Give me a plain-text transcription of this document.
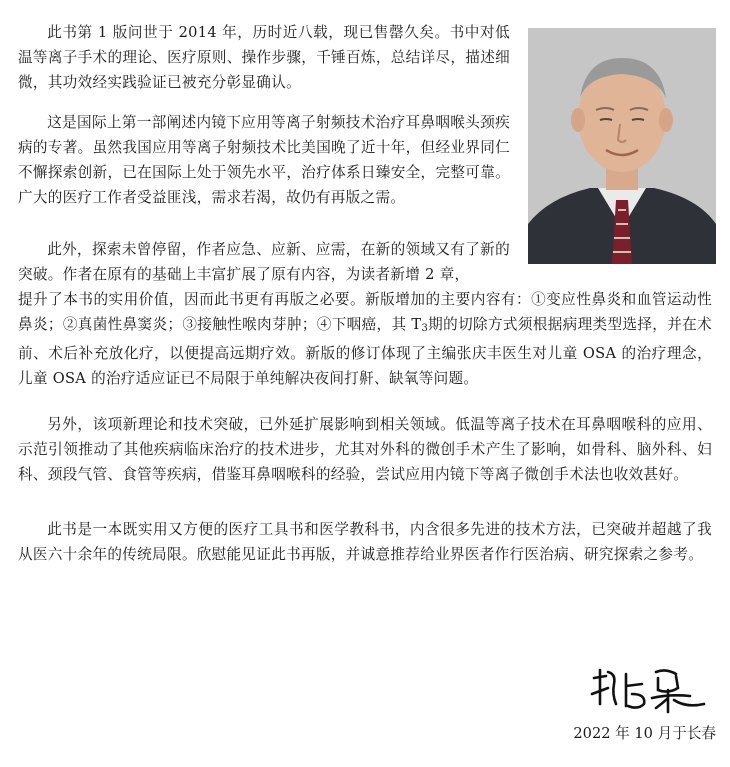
此书第 1 版问世于 2014 年，历时近八载，现已售罄久矣。书中对低温等离子手术的理论、医疗原则、操作步骤，千锤百炼，总结详尽，描述细微，其功效经实践验证已被充分彰显确认。

这是国际上第一部阐述内镜下应用等离子射频技术治疗耳鼻咽喉头颈疾病的专著。虽然我国应用等离子射频技术比美国晚了近十年，但经业界同仁不懈探索创新，已在国际上处于领先水平，治疗体系日臻安全，完整可靠。广大的医疗工作者受益匪浅，需求若渴，故仍有再版之需。

此外，探索未曾停留，作者应急、应新、应需，在新的领域又有了新的突破。作者在原有的基础上丰富扩展了原有内容，为读者新增 2 章，

提升了本书的实用价值，因而此书更有再版之必要。新版增加的主要内容有：①变应性鼻炎和血管运动性鼻炎；②真菌性鼻窦炎；③接触性喉肉芽肿；④下咽癌，其 $T_3$期的切除方式须根据病理类型选择，并在术前、术后补充放化疗，以便提高远期疗效。新版的修订体现了主编张庆丰医生对儿童 OSA 的治疗理念，儿童 OSA 的治疗适应证已不局限于单纯解决夜间打鼾、缺氧等问题。

另外，该项新理论和技术突破，已外延扩展影响到相关领域。低温等离子技术在耳鼻咽喉科的应用、示范引领推动了其他疾病临床治疗的技术进步，尤其对外科的微创手术产生了影响，如骨科、脑外科、妇科、颈段气管、食管等疾病，借鉴耳鼻咽喉科的经验，尝试应用内镜下等离子微创手术法也收效甚好。

此书是一本既实用又方便的医疗工具书和医学教科书，内含很多先进的技术方法，已突破并超越了我从医六十余年的传统局限。欣慰能见证此书再版，并诚意推荐给业界医者作行医治病、研究探索之参考。

2022 年 10 月于长春
